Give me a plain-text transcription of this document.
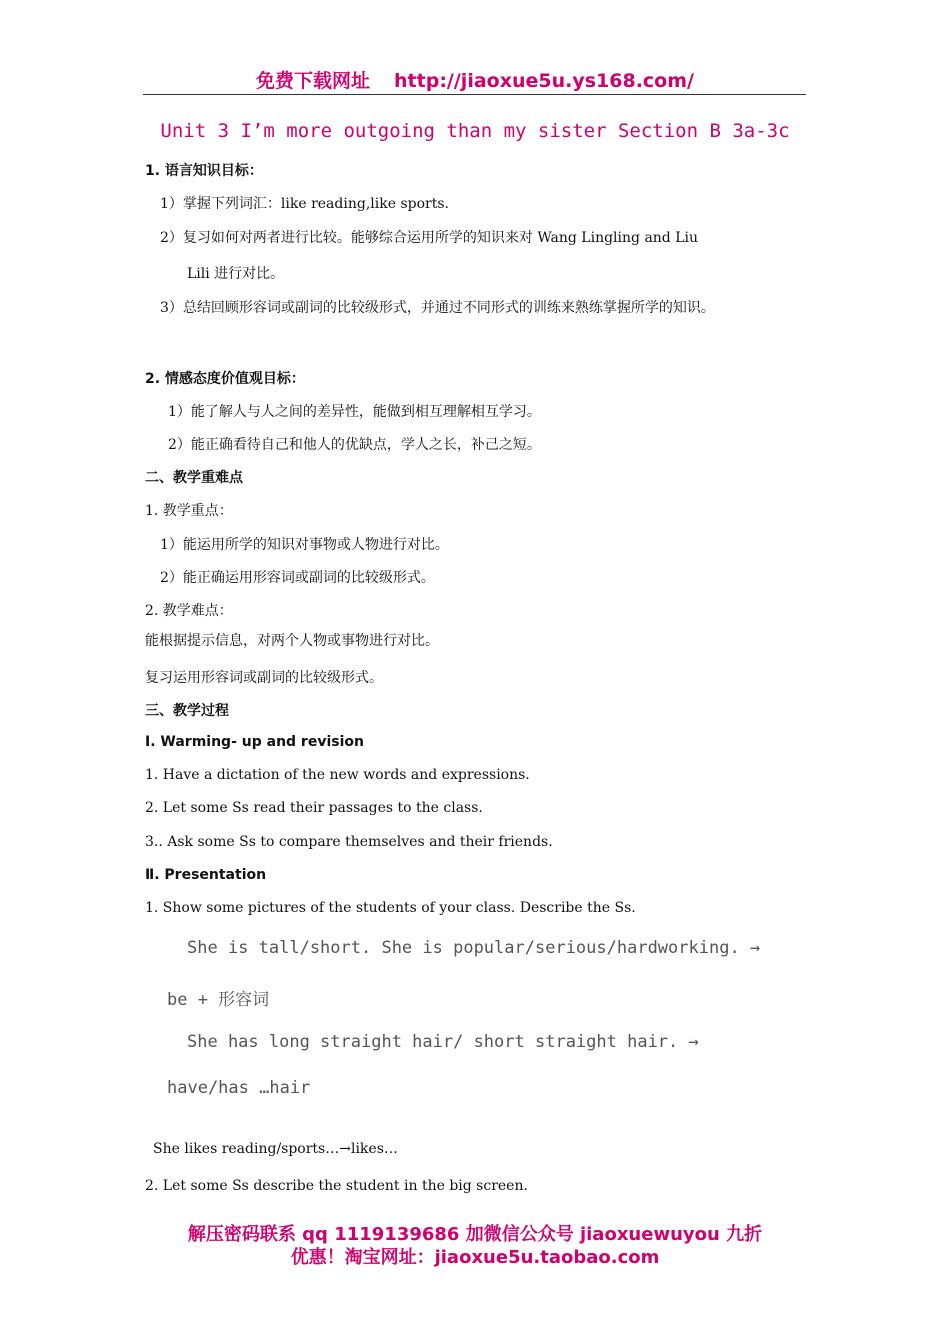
免费下载网址 http://jiaoxue5u.ys168.com/
Unit 3 I’m more outgoing than my sister Section B 3a-3c
1. 语言知识目标：
1）掌握下列词汇：like reading,like sports.
2）复习如何对两者进行比较。能够综合运用所学的知识来对 Wang Lingling and Liu
Lili 进行对比。
3）总结回顾形容词或副词的比较级形式，并通过不同形式的训练来熟练掌握所学的知识。
2. 情感态度价值观目标：
1）能了解人与人之间的差异性，能做到相互理解相互学习。
2）能正确看待自己和他人的优缺点，学人之长，补己之短。
二、教学重难点
1. 教学重点：
1）能运用所学的知识对事物或人物进行对比。
2）能正确运用形容词或副词的比较级形式。
2. 教学难点：
能根据提示信息，对两个人物或事物进行对比。
复习运用形容词或副词的比较级形式。
三、教学过程
Ⅰ. Warming- up and revision
1. Have a dictation of the new words and expressions.
2. Let some Ss read their passages to the class.
3.. Ask some Ss to compare themselves and their friends.
Ⅱ. Presentation
1. Show some pictures of the students of your class. Describe the Ss.
She is tall/short. She is popular/serious/hardworking. →
be + 形容词
She has long straight hair/ short straight hair. →
have/has …hair
She likes reading/sports…→likes…
2. Let some Ss describe the student in the big screen.
解压密码联系 qq 1119139686 加微信公众号 jiaoxuewuyou 九折
优惠！淘宝网址：jiaoxue5u.taobao.com
